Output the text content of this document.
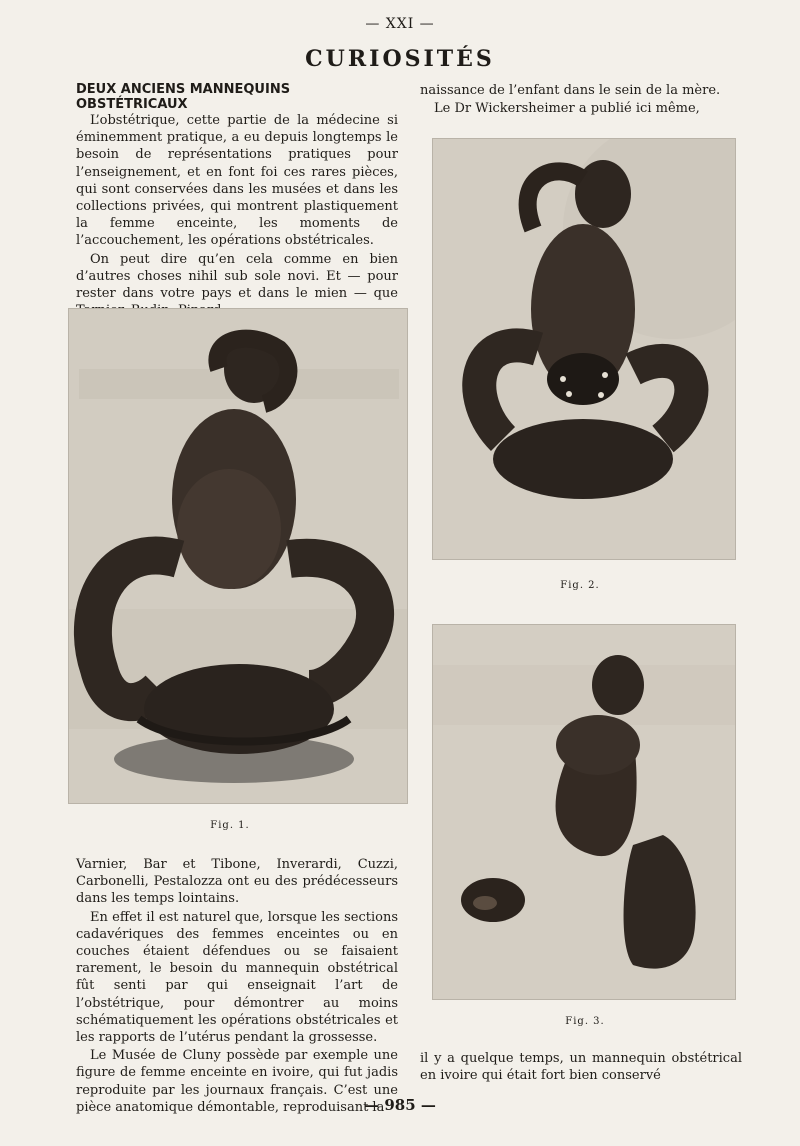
— XXI —
CURIOSITÉS
DEUX ANCIENS MANNEQUINS OBSTÉTRICAUX

L’obstétrique, cette partie de la médecine si éminemment pratique, a eu depuis longtemps le besoin de représentations pratiques pour l’enseignement, et en font foi ces rares pièces, qui sont conservées dans les musées et dans les collections privées, qui montrent plastiquement la femme enceinte, les moments de l’accouchement, les opérations obstétricales.

On peut dire qu’en cela comme en bien d’autres choses nihil sub sole novi. Et — pour rester dans votre pays et dans le mien — que

Fig. 1.

Varnier, Bar et Tibone, Inverardi, Cuzzi, Carbonelli, Pestalozza ont eu des prédécesseurs dans les temps lointains.

En effet il est naturel que, lorsque les sections cadavériques des femmes enceintes ou en couches étaient défendues ou se faisaient rarement, le besoin du mannequin obstétrical fût senti par qui enseignait l’art de l’obstétrique, pour démontrer au moins schématiquement les opérations obstétricales et les rapports de l’utérus pendant la grossesse.

Le Musée de Cluny possède par exemple une figure de femme enceinte en ivoire, qui fut jadis reproduite par les journaux français. C’est une pièce anatomique démontable, reproduisant la

naissance de l’enfant dans le sein de la mère.

Le Dr Wickersheimer a publié ici même,

Fig. 2.
Fig. 3.

il y a quelque temps, un mannequin obstétrical en ivoire qui était fort bien conservé

— 985 —
